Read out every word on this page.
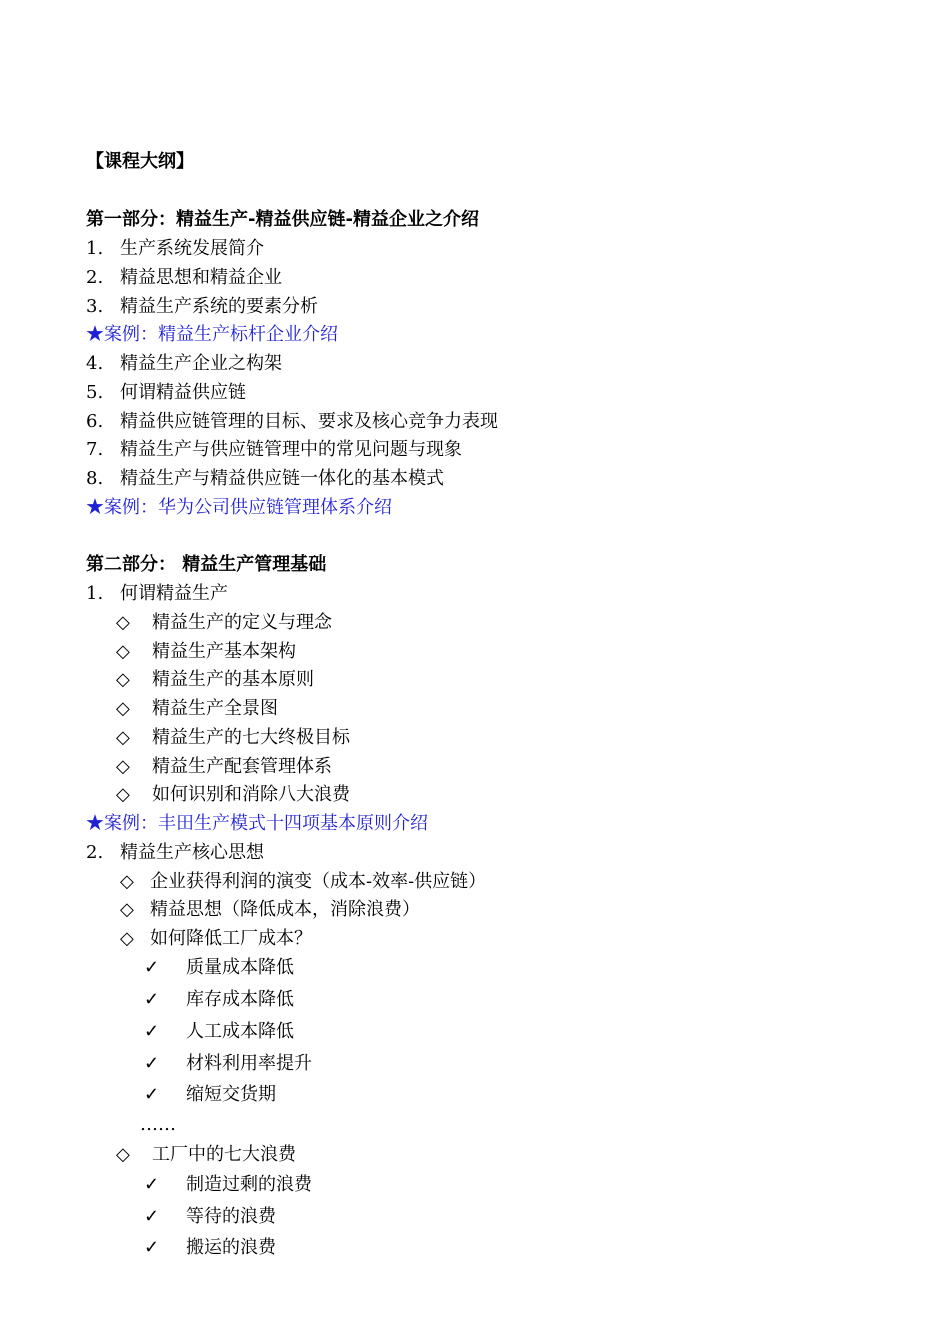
【课程大纲】
第一部分：精益生产-精益供应链-精益企业之介绍
1. 生产系统发展简介
2. 精益思想和精益企业
3. 精益生产系统的要素分析
★案例：精益生产标杆企业介绍
4. 精益生产企业之构架
5. 何谓精益供应链
6. 精益供应链管理的目标、要求及核心竞争力表现
7. 精益生产与供应链管理中的常见问题与现象
8. 精益生产与精益供应链一体化的基本模式
★案例：华为公司供应链管理体系介绍
第二部分： 精益生产管理基础
1. 何谓精益生产
◇ 精益生产的定义与理念
◇ 精益生产基本架构
◇ 精益生产的基本原则
◇ 精益生产全景图
◇ 精益生产的七大终极目标
◇ 精益生产配套管理体系
◇ 如何识别和消除八大浪费
★案例：丰田生产模式十四项基本原则介绍
2. 精益生产核心思想
◇ 企业获得利润的演变（成本-效率-供应链）
◇ 精益思想（降低成本，消除浪费）
◇ 如何降低工厂成本？
✓ 质量成本降低
✓ 库存成本降低
✓ 人工成本降低
✓ 材料利用率提升
✓ 缩短交货期
……
◇ 工厂中的七大浪费
✓ 制造过剩的浪费
✓ 等待的浪费
✓ 搬运的浪费
